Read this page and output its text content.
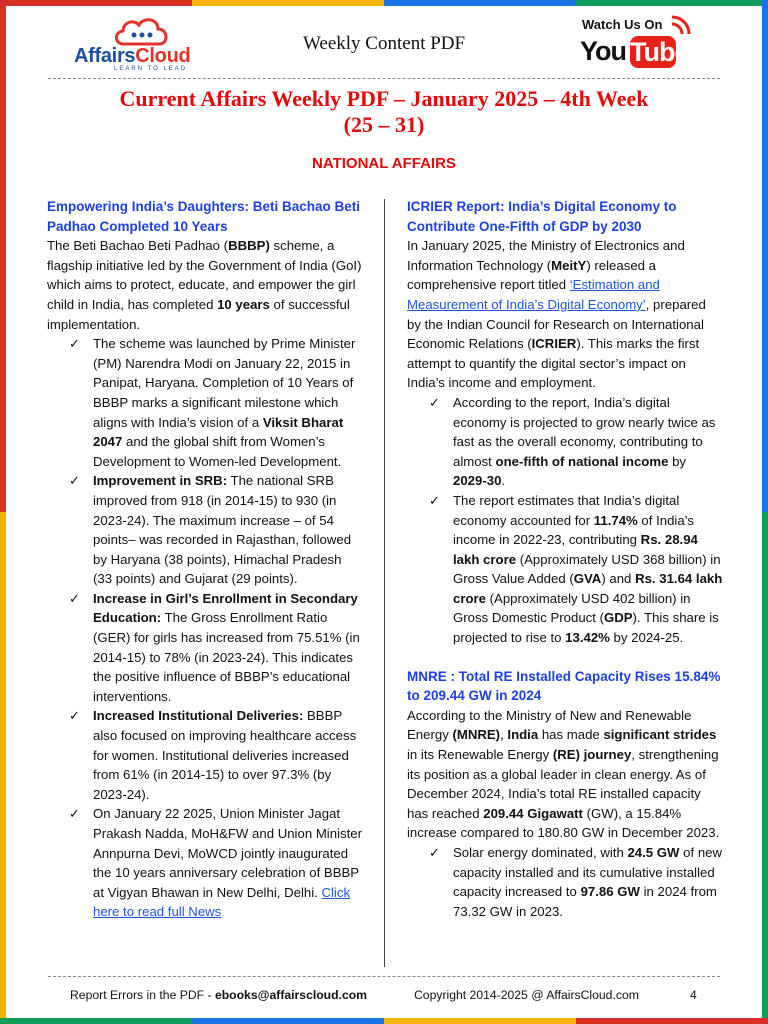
AffairsCloud
LEARN TO LEAD
Weekly Content PDF
Watch Us On
You Tube
Current Affairs Weekly PDF – January 2025 – 4th Week
(25 – 31)
NATIONAL AFFAIRS

Empowering India’s Daughters: Beti Bachao Beti Padhao Completed 10 Years

The Beti Bachao Beti Padhao (BBBP) scheme, a flagship initiative led by the Government of India (GoI) which aims to protect, educate, and empower the girl child in India, has completed 10 years of successful implementation.

✓ The scheme was launched by Prime Minister (PM) Narendra Modi on January 22, 2015 in Panipat, Haryana. Completion of 10 Years of BBBP marks a significant milestone which aligns with India’s vision of a Viksit Bharat 2047 and the global shift from Women’s Development to Women-led Development.
✓ Improvement in SRB: The national SRB improved from 918 (in 2014-15) to 930 (in 2023-24). The maximum increase – of 54 points– was recorded in Rajasthan, followed by Haryana (38 points), Himachal Pradesh (33 points) and Gujarat (29 points).
✓ Increase in Girl’s Enrollment in Secondary Education: The Gross Enrollment Ratio (GER) for girls has increased from 75.51% (in 2014-15) to 78% (in 2023-24). This indicates the positive influence of BBBP’s educational interventions.
✓ Increased Institutional Deliveries: BBBP also focused on improving healthcare access for women. Institutional deliveries increased from 61% (in 2014-15) to over 97.3% (by 2023-24).
✓ On January 22 2025, Union Minister Jagat Prakash Nadda, MoH&FW and Union Minister Annpurna Devi, MoWCD jointly inaugurated the 10 years anniversary celebration of BBBP at Vigyan Bhawan in New Delhi, Delhi. Click here to read full News

ICRIER Report: India’s Digital Economy to Contribute One-Fifth of GDP by 2030

In January 2025, the Ministry of Electronics and Information Technology (MeitY) released a comprehensive report titled ‘Estimation and Measurement of India’s Digital Economy’, prepared by the Indian Council for Research on International Economic Relations (ICRIER). This marks the first attempt to quantify the digital sector’s impact on India’s income and employment.

✓ According to the report, India’s digital economy is projected to grow nearly twice as fast as the overall economy, contributing to almost one-fifth of national income by 2029-30.
✓ The report estimates that India’s digital economy accounted for 11.74% of India’s income in 2022-23, contributing Rs. 28.94 lakh crore (Approximately USD 368 billion) in Gross Value Added (GVA) and Rs. 31.64 lakh crore (Approximately USD 402 billion) in Gross Domestic Product (GDP). This share is projected to rise to 13.42% by 2024-25.

MNRE : Total RE Installed Capacity Rises 15.84% to 209.44 GW in 2024

According to the Ministry of New and Renewable Energy (MNRE), India has made significant strides in its Renewable Energy (RE) journey, strengthening its position as a global leader in clean energy. As of December 2024, India’s total RE installed capacity has reached 209.44 Gigawatt (GW), a 15.84% increase compared to 180.80 GW in December 2023.

✓ Solar energy dominated, with 24.5 GW of new capacity installed and its cumulative installed capacity increased to 97.86 GW in 2024 from 73.32 GW in 2023.
Report Errors in the PDF - ebooks@affairscloud.com	Copyright 2014-2025 @ AffairsCloud.com	4
